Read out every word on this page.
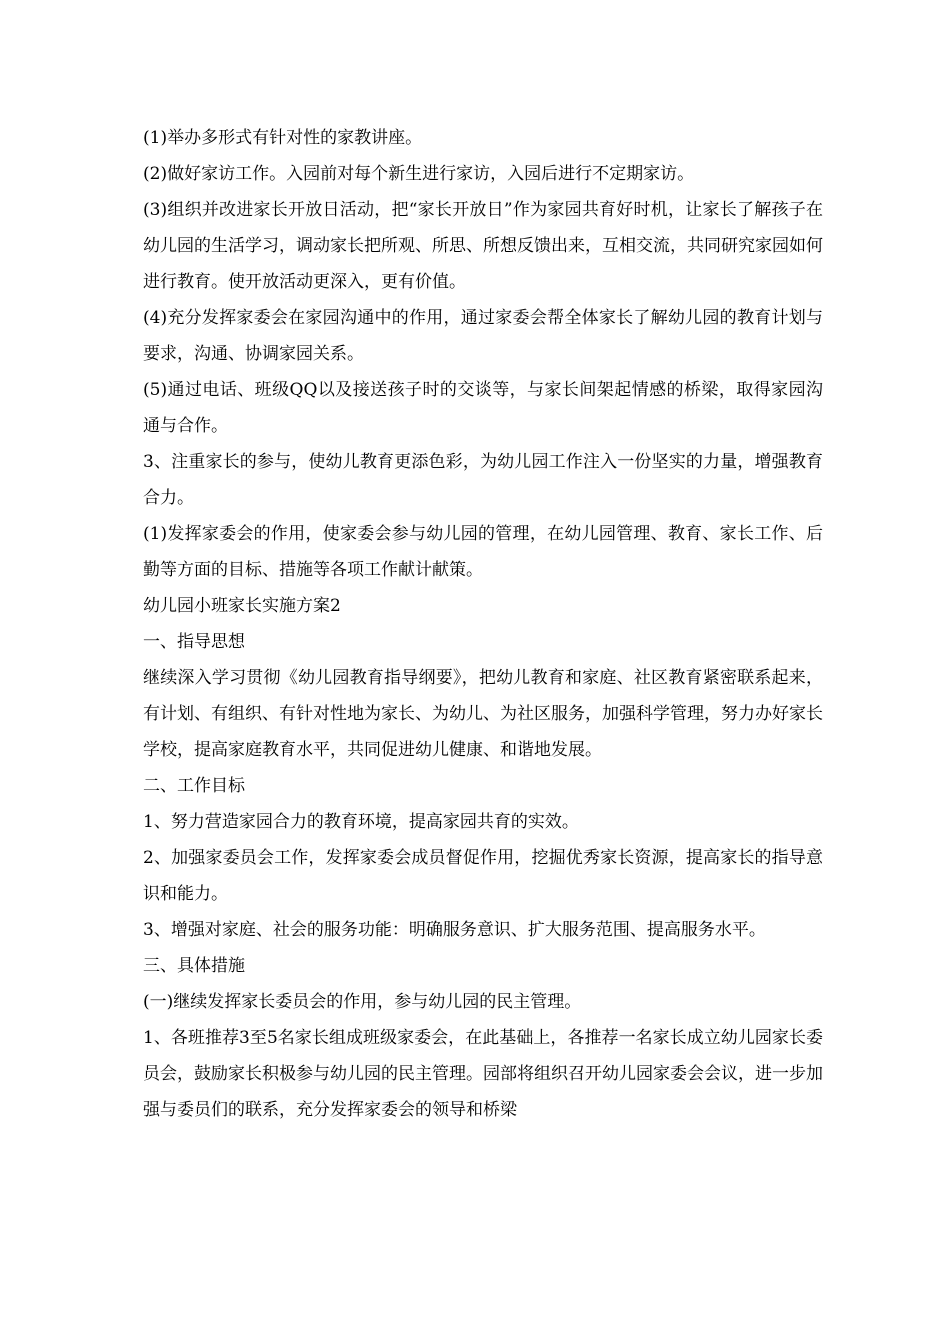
(1)举办多形式有针对性的家教讲座。

(2)做好家访工作。入园前对每个新生进行家访，入园后进行不定期家访。

(3)组织并改进家长开放日活动，把“家长开放日”作为家园共育好时机，让家长了解孩子在幼儿园的生活学习，调动家长把所观、所思、所想反馈出来，互相交流，共同研究家园如何进行教育。使开放活动更深入，更有价值。

(4)充分发挥家委会在家园沟通中的作用，通过家委会帮全体家长了解幼儿园的教育计划与要求，沟通、协调家园关系。

(5)通过电话、班级QQ以及接送孩子时的交谈等，与家长间架起情感的桥梁，取得家园沟通与合作。

3、注重家长的参与，使幼儿教育更添色彩，为幼儿园工作注入一份坚实的力量，增强教育合力。

(1)发挥家委会的作用，使家委会参与幼儿园的管理，在幼儿园管理、教育、家长工作、后勤等方面的目标、措施等各项工作献计献策。

幼儿园小班家长实施方案2

一、指导思想

继续深入学习贯彻《幼儿园教育指导纲要》，把幼儿教育和家庭、社区教育紧密联系起来，有计划、有组织、有针对性地为家长、为幼儿、为社区服务，加强科学管理，努力办好家长学校，提高家庭教育水平，共同促进幼儿健康、和谐地发展。

二、工作目标

1、努力营造家园合力的教育环境，提高家园共育的实效。

2、加强家委员会工作，发挥家委会成员督促作用，挖掘优秀家长资源，提高家长的指导意识和能力。

3、增强对家庭、社会的服务功能：明确服务意识、扩大服务范围、提高服务水平。

三、具体措施

(一)继续发挥家长委员会的作用，参与幼儿园的民主管理。

1、各班推荐3至5名家长组成班级家委会，在此基础上，各推荐一名家长成立幼儿园家长委员会，鼓励家长积极参与幼儿园的民主管理。园部将组织召开幼儿园家委会会议，进一步加强与委员们的联系，充分发挥家委会的领导和桥梁
